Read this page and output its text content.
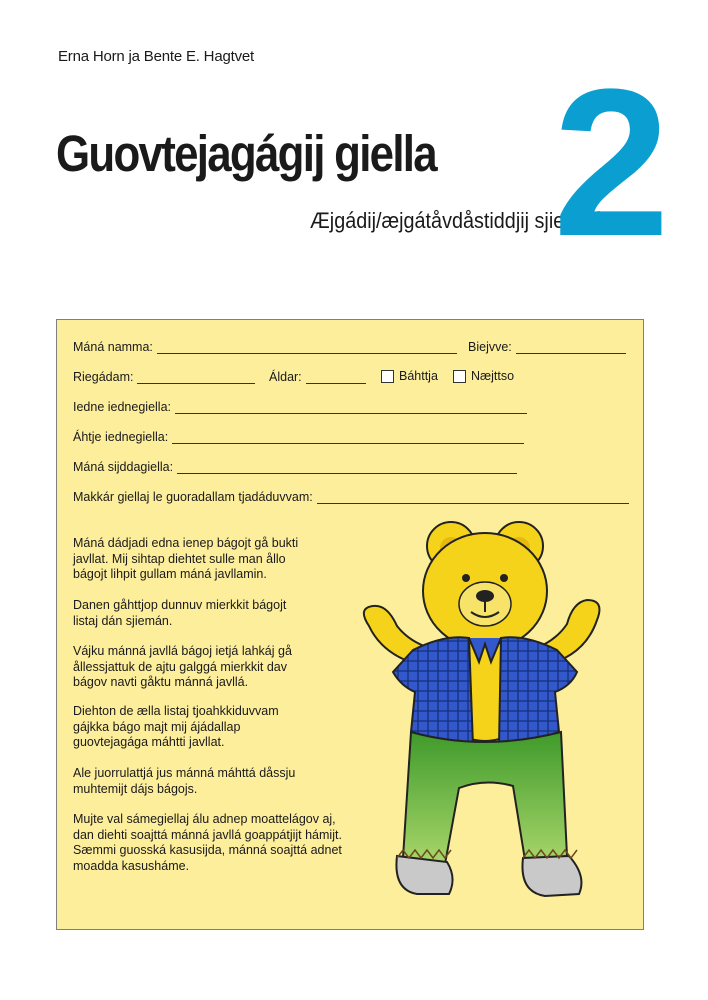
Erna Horn ja Bente E. Hagtvet
Guovtejagágij giella
Æjgádij/æjgátåvdåstiddjij sjiebmá
2
Máná namma:	Biejvve:
Riegádam:	Áldar:	Báhttja	Næjttso
Iedne iednegiella:
Áhtje iednegiella:
Máná sijddagiella:
Makkár giellaj le guoradallam tjadáduvvam:

Máná dádjadi edna ienep bágojt gå bukti
javllat. Mij sihtap diehtet sulle man ållo
bágojt lihpit gullam máná javllamin.

Danen gåhttjop dunnuv mierkkit bágojt
listaj dán sjiemán.

Vájku mánná javllá bágoj ietjá lahkáj gå
ållessjattuk de ajtu galggá mierkkit dav
bágov navti gåktu mánná javllá.

Diehton de ælla listaj tjoahkkiduvvam
gájkka bágo majt mij ájádallap
guovtejagága máhtti javllat.

Ale juorrulattjá jus mánná máhttá dåssju
muhtemijt dájs bágojs.

Mujte val sámegiellaj álu adnep moattelágov aj,
dan diehti soajttá mánná javllá goappátjijt hámijt.
Sæmmi guosská kasusijda, mánná soajttá adnet
moadda kasusháme.
